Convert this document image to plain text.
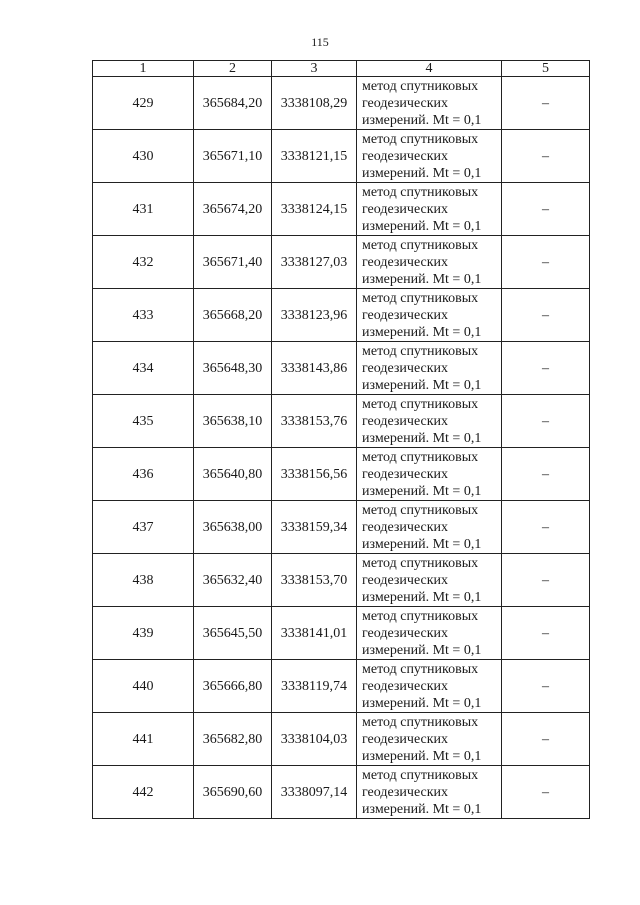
115
1	2	3	4	5
429	365684,20	3338108,29	метод спутниковых
геодезических
измерений. Mt = 0,1	–
430	365671,10	3338121,15	метод спутниковых
геодезических
измерений. Mt = 0,1	–
431	365674,20	3338124,15	метод спутниковых
геодезических
измерений. Mt = 0,1	–
432	365671,40	3338127,03	метод спутниковых
геодезических
измерений. Mt = 0,1	–
433	365668,20	3338123,96	метод спутниковых
геодезических
измерений. Mt = 0,1	–
434	365648,30	3338143,86	метод спутниковых
геодезических
измерений. Mt = 0,1	–
435	365638,10	3338153,76	метод спутниковых
геодезических
измерений. Mt = 0,1	–
436	365640,80	3338156,56	метод спутниковых
геодезических
измерений. Mt = 0,1	–
437	365638,00	3338159,34	метод спутниковых
геодезических
измерений. Mt = 0,1	–
438	365632,40	3338153,70	метод спутниковых
геодезических
измерений. Mt = 0,1	–
439	365645,50	3338141,01	метод спутниковых
геодезических
измерений. Mt = 0,1	–
440	365666,80	3338119,74	метод спутниковых
геодезических
измерений. Mt = 0,1	–
441	365682,80	3338104,03	метод спутниковых
геодезических
измерений. Mt = 0,1	–
442	365690,60	3338097,14	метод спутниковых
геодезических
измерений. Mt = 0,1	–
